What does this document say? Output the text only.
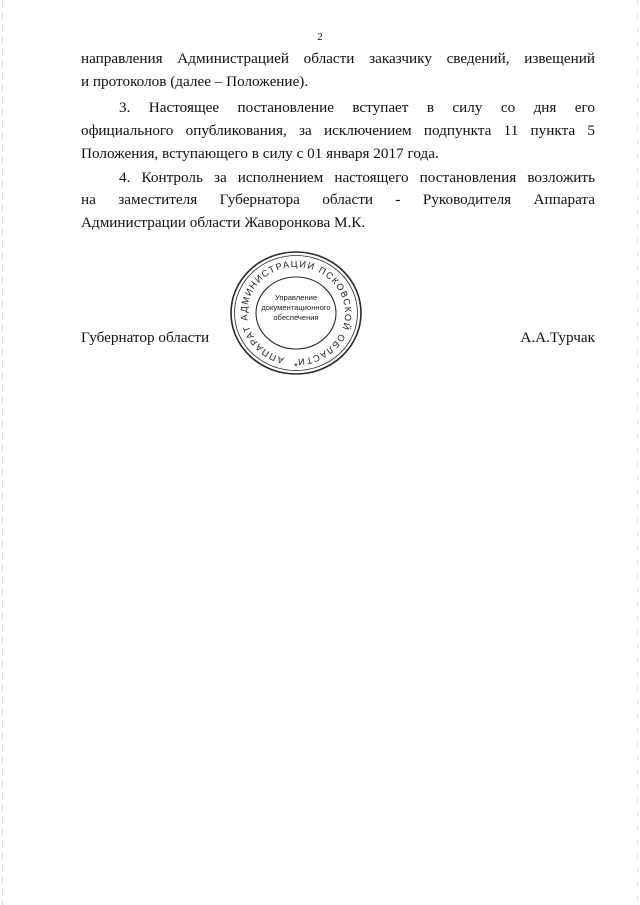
2
направления Администрацией области заказчику сведений, извещений
и протоколов (далее – Положение).
3. Настоящее постановление вступает в силу со дня его
официального опубликования, за исключением подпункта 11 пункта 5
Положения, вступающего в силу с 01 января 2017 года.
4. Контроль за исполнением настоящего постановления возложить
на заместителя Губернатора области - Руководителя Аппарата
Администрации области Жаворонкова М.К.
АППАРАТ АДМИНИСТРАЦИИ ПСКОВСКОЙ ОБЛАСТИ
*
Управление
документационного
обеспечения
Губернатор области	А.А.Турчак
